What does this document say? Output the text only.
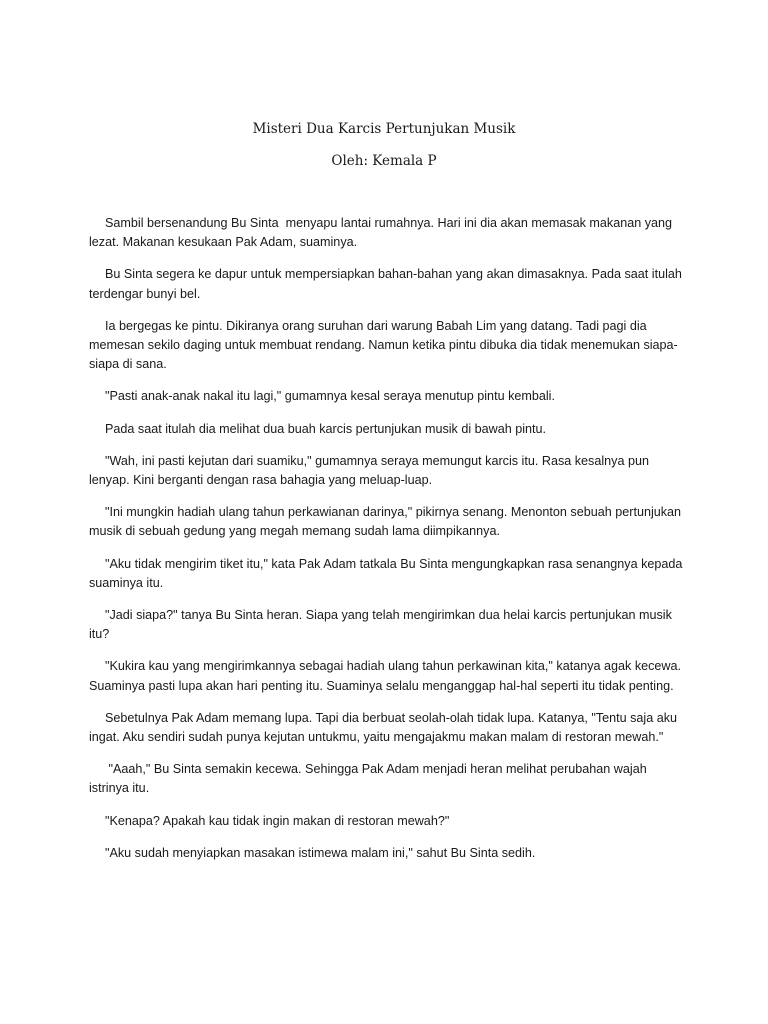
Misteri Dua Karcis Pertunjukan Musik
Oleh: Kemala P

Sambil bersenandung Bu Sinta  menyapu lantai rumahnya. Hari ini dia akan memasak makanan yang lezat. Makanan kesukaan Pak Adam, suaminya.

Bu Sinta segera ke dapur untuk mempersiapkan bahan-bahan yang akan dimasaknya. Pada saat itulah terdengar bunyi bel.

Ia bergegas ke pintu. Dikiranya orang suruhan dari warung Babah Lim yang datang. Tadi pagi dia memesan sekilo daging untuk membuat rendang. Namun ketika pintu dibuka dia tidak menemukan siapa-siapa di sana.

"Pasti anak-anak nakal itu lagi," gumamnya kesal seraya menutup pintu kembali.

Pada saat itulah dia melihat dua buah karcis pertunjukan musik di bawah pintu.

"Wah, ini pasti kejutan dari suamiku," gumamnya seraya memungut karcis itu. Rasa kesalnya pun lenyap. Kini berganti dengan rasa bahagia yang meluap-luap.

"Ini mungkin hadiah ulang tahun perkawianan darinya," pikirnya senang. Menonton sebuah pertunjukan musik di sebuah gedung yang megah memang sudah lama diimpikannya.

"Aku tidak mengirim tiket itu," kata Pak Adam tatkala Bu Sinta mengungkapkan rasa senangnya kepada suaminya itu.

"Jadi siapa?" tanya Bu Sinta heran. Siapa yang telah mengirimkan dua helai karcis pertunjukan musik itu?

"Kukira kau yang mengirimkannya sebagai hadiah ulang tahun perkawinan kita," katanya agak kecewa. Suaminya pasti lupa akan hari penting itu. Suaminya selalu menganggap hal-hal seperti itu tidak penting.

Sebetulnya Pak Adam memang lupa. Tapi dia berbuat seolah-olah tidak lupa. Katanya, "Tentu saja aku ingat. Aku sendiri sudah punya kejutan untukmu, yaitu mengajakmu makan malam di restoran mewah."

"Aaah," Bu Sinta semakin kecewa. Sehingga Pak Adam menjadi heran melihat perubahan wajah istrinya itu.

"Kenapa? Apakah kau tidak ingin makan di restoran mewah?"

"Aku sudah menyiapkan masakan istimewa malam ini," sahut Bu Sinta sedih.
